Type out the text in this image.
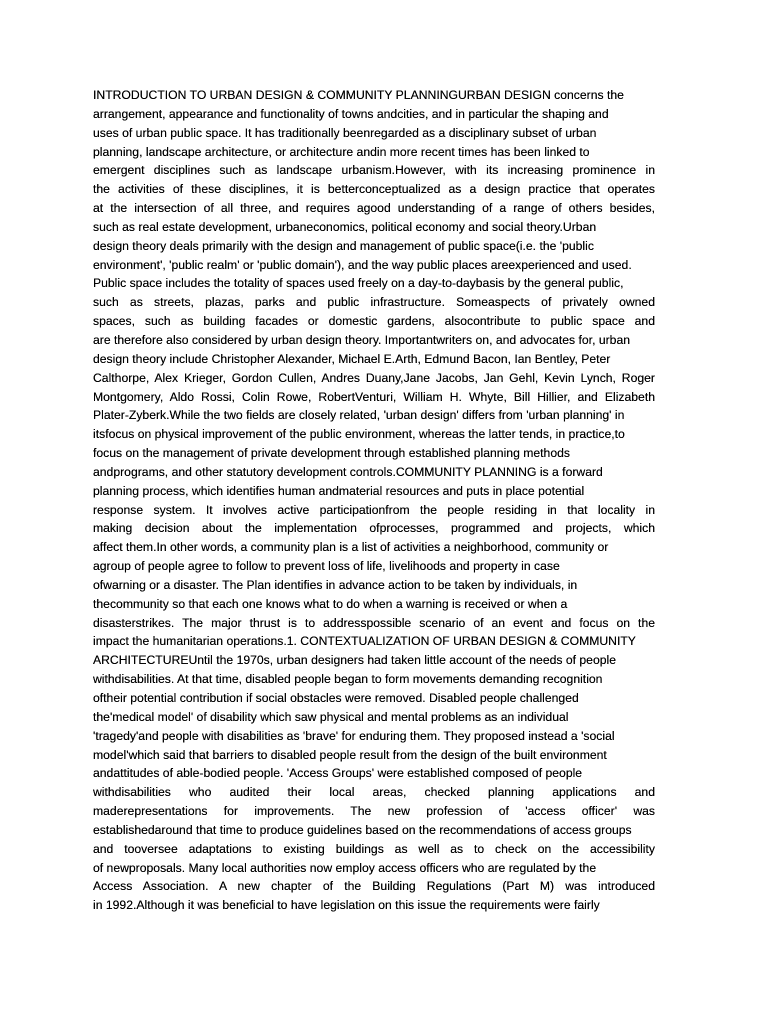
INTRODUCTION TO URBAN DESIGN & COMMUNITY PLANNINGURBAN DESIGN concerns the
arrangement, appearance and functionality of towns andcities, and in particular the shaping and
uses of urban public space. It has traditionally beenregarded as a disciplinary subset of urban
planning, landscape architecture, or architecture andin more recent times has been linked to
emergent disciplines such as landscape urbanism.However, with its increasing prominence in
the activities of these disciplines, it is betterconceptualized as a design practice that operates
at the intersection of all three, and requires agood understanding of a range of others besides,
such as real estate development, urbaneconomics, political economy and social theory.Urban
design theory deals primarily with the design and management of public space(i.e. the 'public
environment', 'public realm' or 'public domain'), and the way public places areexperienced and used.
Public space includes the totality of spaces used freely on a day-to-daybasis by the general public,
such as streets, plazas, parks and public infrastructure. Someaspects of privately owned
spaces, such as building facades or domestic gardens, alsocontribute to public space and
are therefore also considered by urban design theory. Importantwriters on, and advocates for, urban
design theory include Christopher Alexander, Michael E.Arth, Edmund Bacon, Ian Bentley, Peter
Calthorpe, Alex Krieger, Gordon Cullen, Andres Duany,Jane Jacobs, Jan Gehl, Kevin Lynch, Roger
Montgomery, Aldo Rossi, Colin Rowe, RobertVenturi, William H. Whyte, Bill Hillier, and Elizabeth
Plater-Zyberk.While the two fields are closely related, 'urban design' differs from 'urban planning' in
itsfocus on physical improvement of the public environment, whereas the latter tends, in practice,to
focus on the management of private development through established planning methods
andprograms, and other statutory development controls.COMMUNITY PLANNING is a forward
planning process, which identifies human andmaterial resources and puts in place potential
response system. It involves active participationfrom the people residing in that locality in
making decision about the implementation ofprocesses, programmed and projects, which
affect them.In other words, a community plan is a list of activities a neighborhood, community or
agroup of people agree to follow to prevent loss of life, livelihoods and property in case
ofwarning or a disaster. The Plan identifies in advance action to be taken by individuals, in
thecommunity so that each one knows what to do when a warning is received or when a
disasterstrikes. The major thrust is to addresspossible scenario of an event and focus on the
impact the humanitarian operations.1. CONTEXTUALIZATION OF URBAN DESIGN & COMMUNITY
ARCHITECTUREUntil the 1970s, urban designers had taken little account of the needs of people
withdisabilities. At that time, disabled people began to form movements demanding recognition
oftheir potential contribution if social obstacles were removed. Disabled people challenged
the'medical model' of disability which saw physical and mental problems as an individual
'tragedy'and people with disabilities as 'brave' for enduring them. They proposed instead a 'social
model'which said that barriers to disabled people result from the design of the built environment
andattitudes of able-bodied people. 'Access Groups' were established composed of people
withdisabilities who audited their local areas, checked planning applications and
maderepresentations for improvements. The new profession of 'access officer' was
establishedaround that time to produce guidelines based on the recommendations of access groups
and tooversee adaptations to existing buildings as well as to check on the accessibility
of newproposals. Many local authorities now employ access officers who are regulated by the
Access Association. A new chapter of the Building Regulations (Part M) was introduced
in 1992.Although it was beneficial to have legislation on this issue the requirements were fairly
